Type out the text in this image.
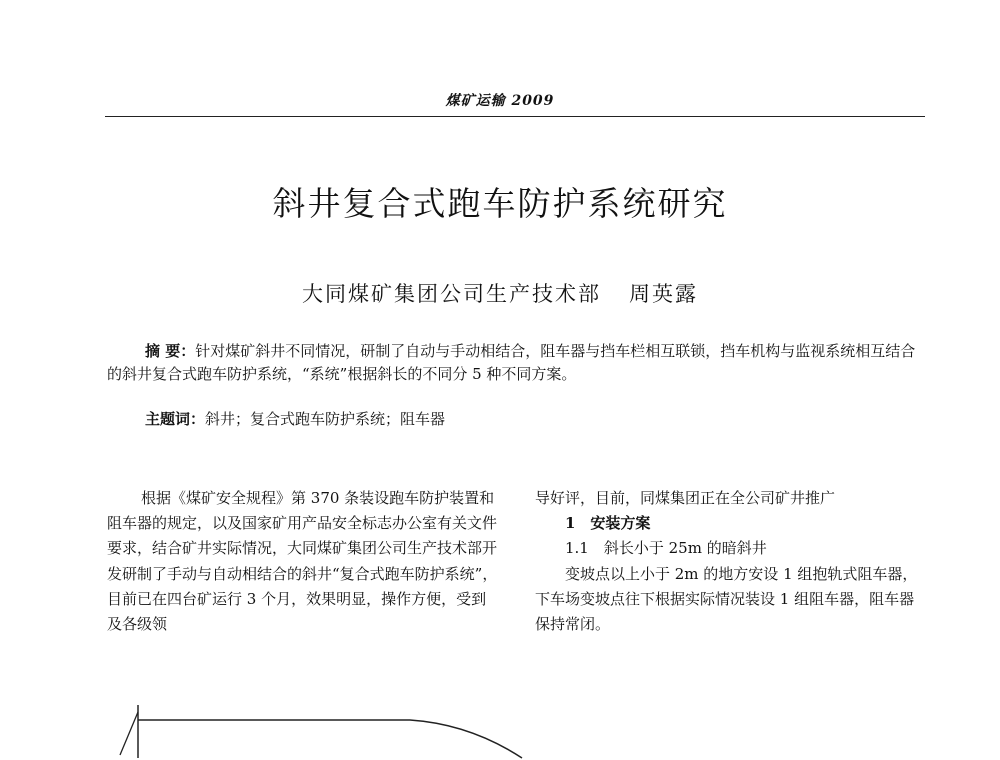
煤矿运输 2009
斜井复合式跑车防护系统研究
大同煤矿集团公司生产技术部 周英露

摘 要：针对煤矿斜井不同情况，研制了自动与手动相结合，阻车器与挡车栏相互联锁，挡车机构与监视系统相互结合的斜井复合式跑车防护系统，“系统”根据斜长的不同分 5 种不同方案。

主题词：斜井；复合式跑车防护系统；阻车器

根据《煤矿安全规程》第 370 条装设跑车防护装置和阻车器的规定，以及国家矿用产品安全标志办公室有关文件要求，结合矿井实际情况，大同煤矿集团公司生产技术部开发研制了手动与自动相结合的斜井“复合式跑车防护系统”，目前已在四台矿运行 3 个月，效果明显，操作方便，受到及各级领

导好评，目前，同煤集团正在全公司矿井推广

1　安装方案

1.1　斜长小于 25m 的暗斜井

变坡点以上小于 2m 的地方安设 1 组抱轨式阻车器，下车场变坡点往下根据实际情况装设 1 组阻车器，阻车器保持常闭。
